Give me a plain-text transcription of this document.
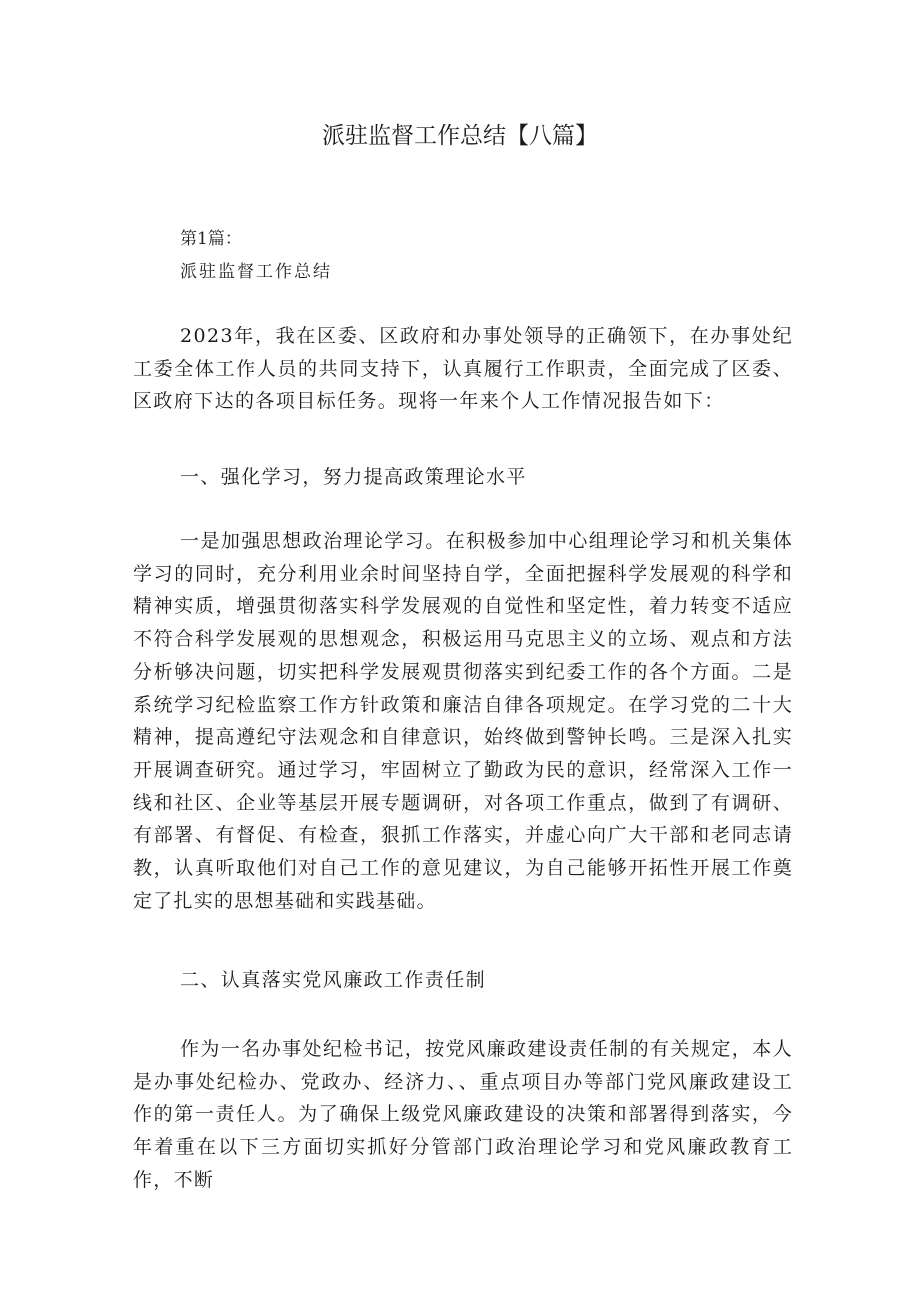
派驻监督工作总结【八篇】

第1篇：

派驻监督工作总结

2023年，我在区委、区政府和办事处领导的正确领下，在办事处纪工委全体工作人员的共同支持下，认真履行工作职责，全面完成了区委、区政府下达的各项目标任务。现将一年来个人工作情况报告如下：

一、强化学习，努力提高政策理论水平

一是加强思想政治理论学习。在积极参加中心组理论学习和机关集体学习的同时，充分利用业余时间坚持自学，全面把握科学发展观的科学和精神实质，增强贯彻落实科学发展观的自觉性和坚定性，着力转变不适应不符合科学发展观的思想观念，积极运用马克思主义的立场、观点和方法分析够决问题，切实把科学发展观贯彻落实到纪委工作的各个方面。二是系统学习纪检监察工作方针政策和廉洁自律各项规定。在学习党的二十大精神，提高遵纪守法观念和自律意识，始终做到警钟长鸣。三是深入扎实开展调查研究。通过学习，牢固树立了勤政为民的意识，经常深入工作一线和社区、企业等基层开展专题调研，对各项工作重点，做到了有调研、有部署、有督促、有检查，狠抓工作落实，并虚心向广大干部和老同志请教，认真听取他们对自己工作的意见建议，为自己能够开拓性开展工作奠定了扎实的思想基础和实践基础。

二、认真落实党风廉政工作责任制

作为一名办事处纪检书记，按党风廉政建设责任制的有关规定，本人是办事处纪检办、党政办、经济力、、重点项目办等部门党风廉政建设工作的第一责任人。为了确保上级党风廉政建设的决策和部署得到落实，今年着重在以下三方面切实抓好分管部门政治理论学习和党风廉政教育工作，不断
